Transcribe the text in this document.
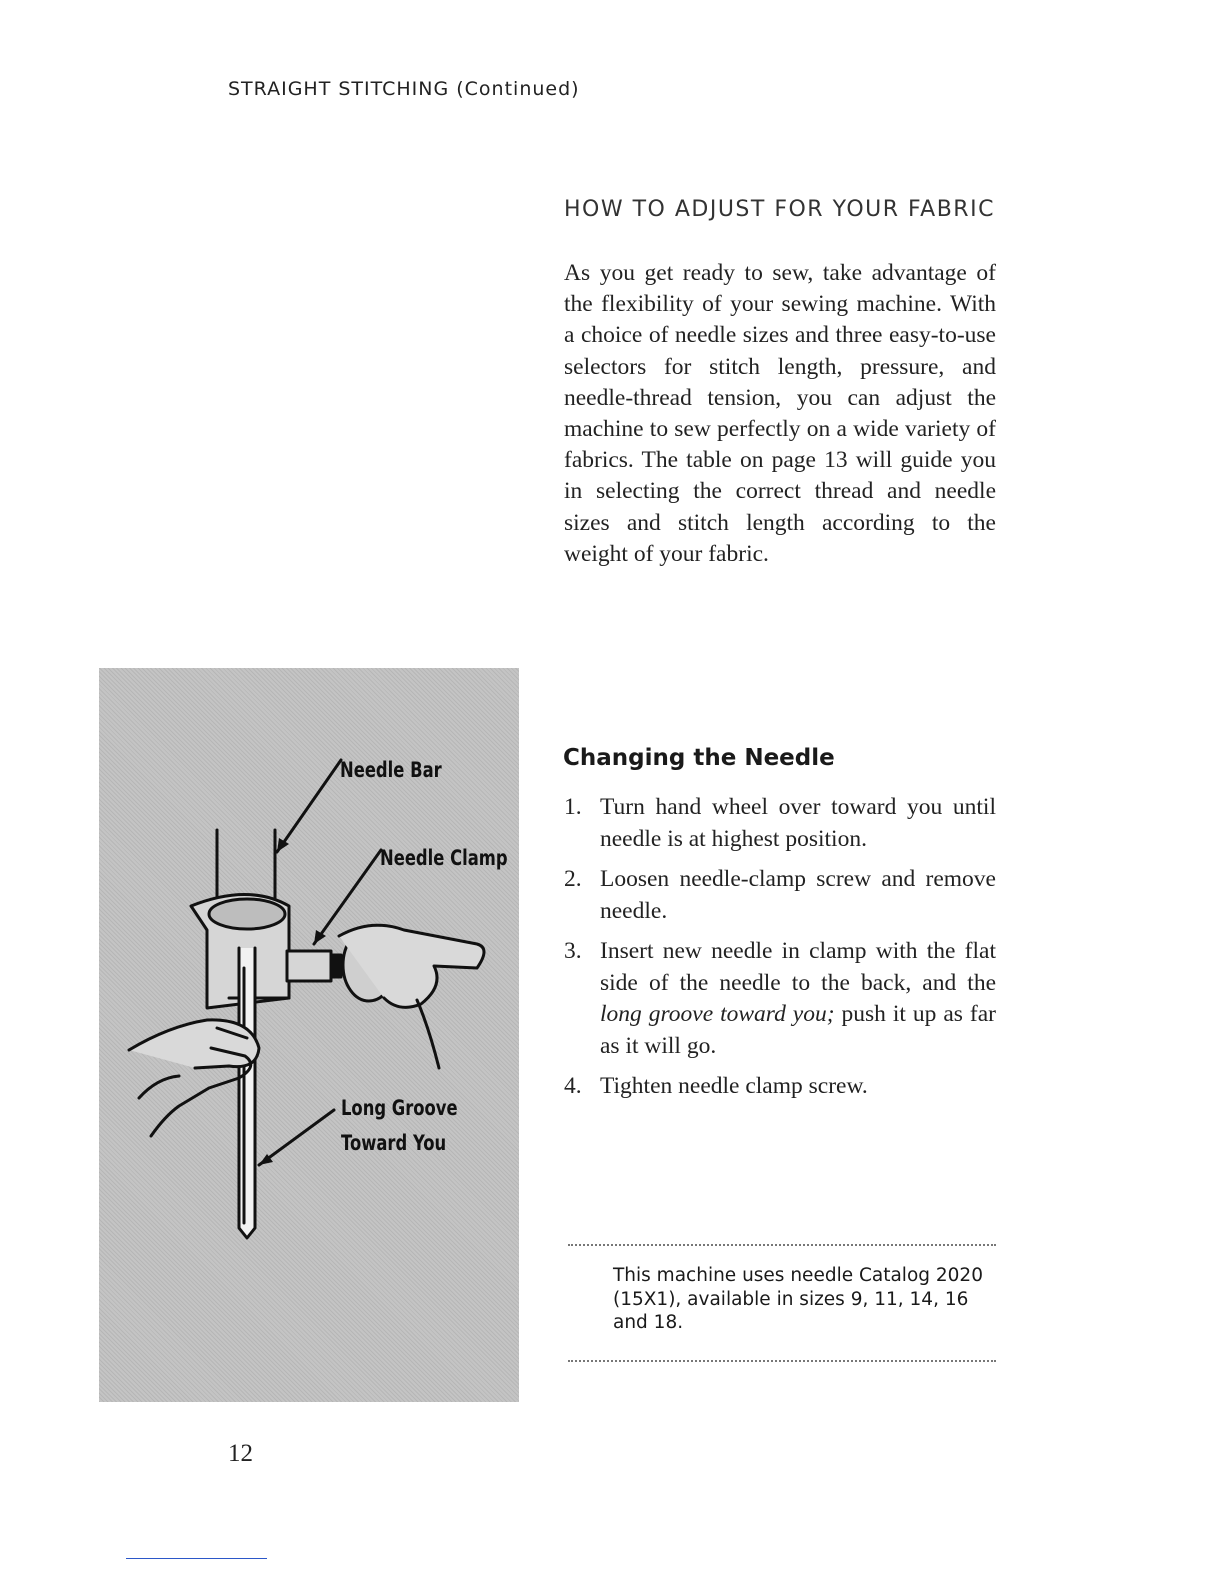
STRAIGHT STITCHING (Continued)
HOW TO ADJUST FOR YOUR FABRIC

As you get ready to sew, take advantage of the flexibility of your sewing machine. With a choice of needle sizes and three easy-to-use selectors for stitch length, pressure, and needle-thread tension, you can adjust the machine to sew perfectly on a wide variety of fabrics. The table on page 13 will guide you in selecting the correct thread and needle sizes and stitch length according to the weight of your fabric.

Needle Bar
Needle Clamp
Long Groove
Toward You
Changing the Needle
1. Turn hand wheel over toward you until needle is at highest position.
2. Loosen needle-clamp screw and remove needle.
3. Insert new needle in clamp with the flat side of the needle to the back, and the long groove toward you; push it up as far as it will go.
4. Tighten needle clamp screw.

This machine uses needle Catalog 2020 (15X1), available in sizes 9, 11, 14, 16 and 18.

12
